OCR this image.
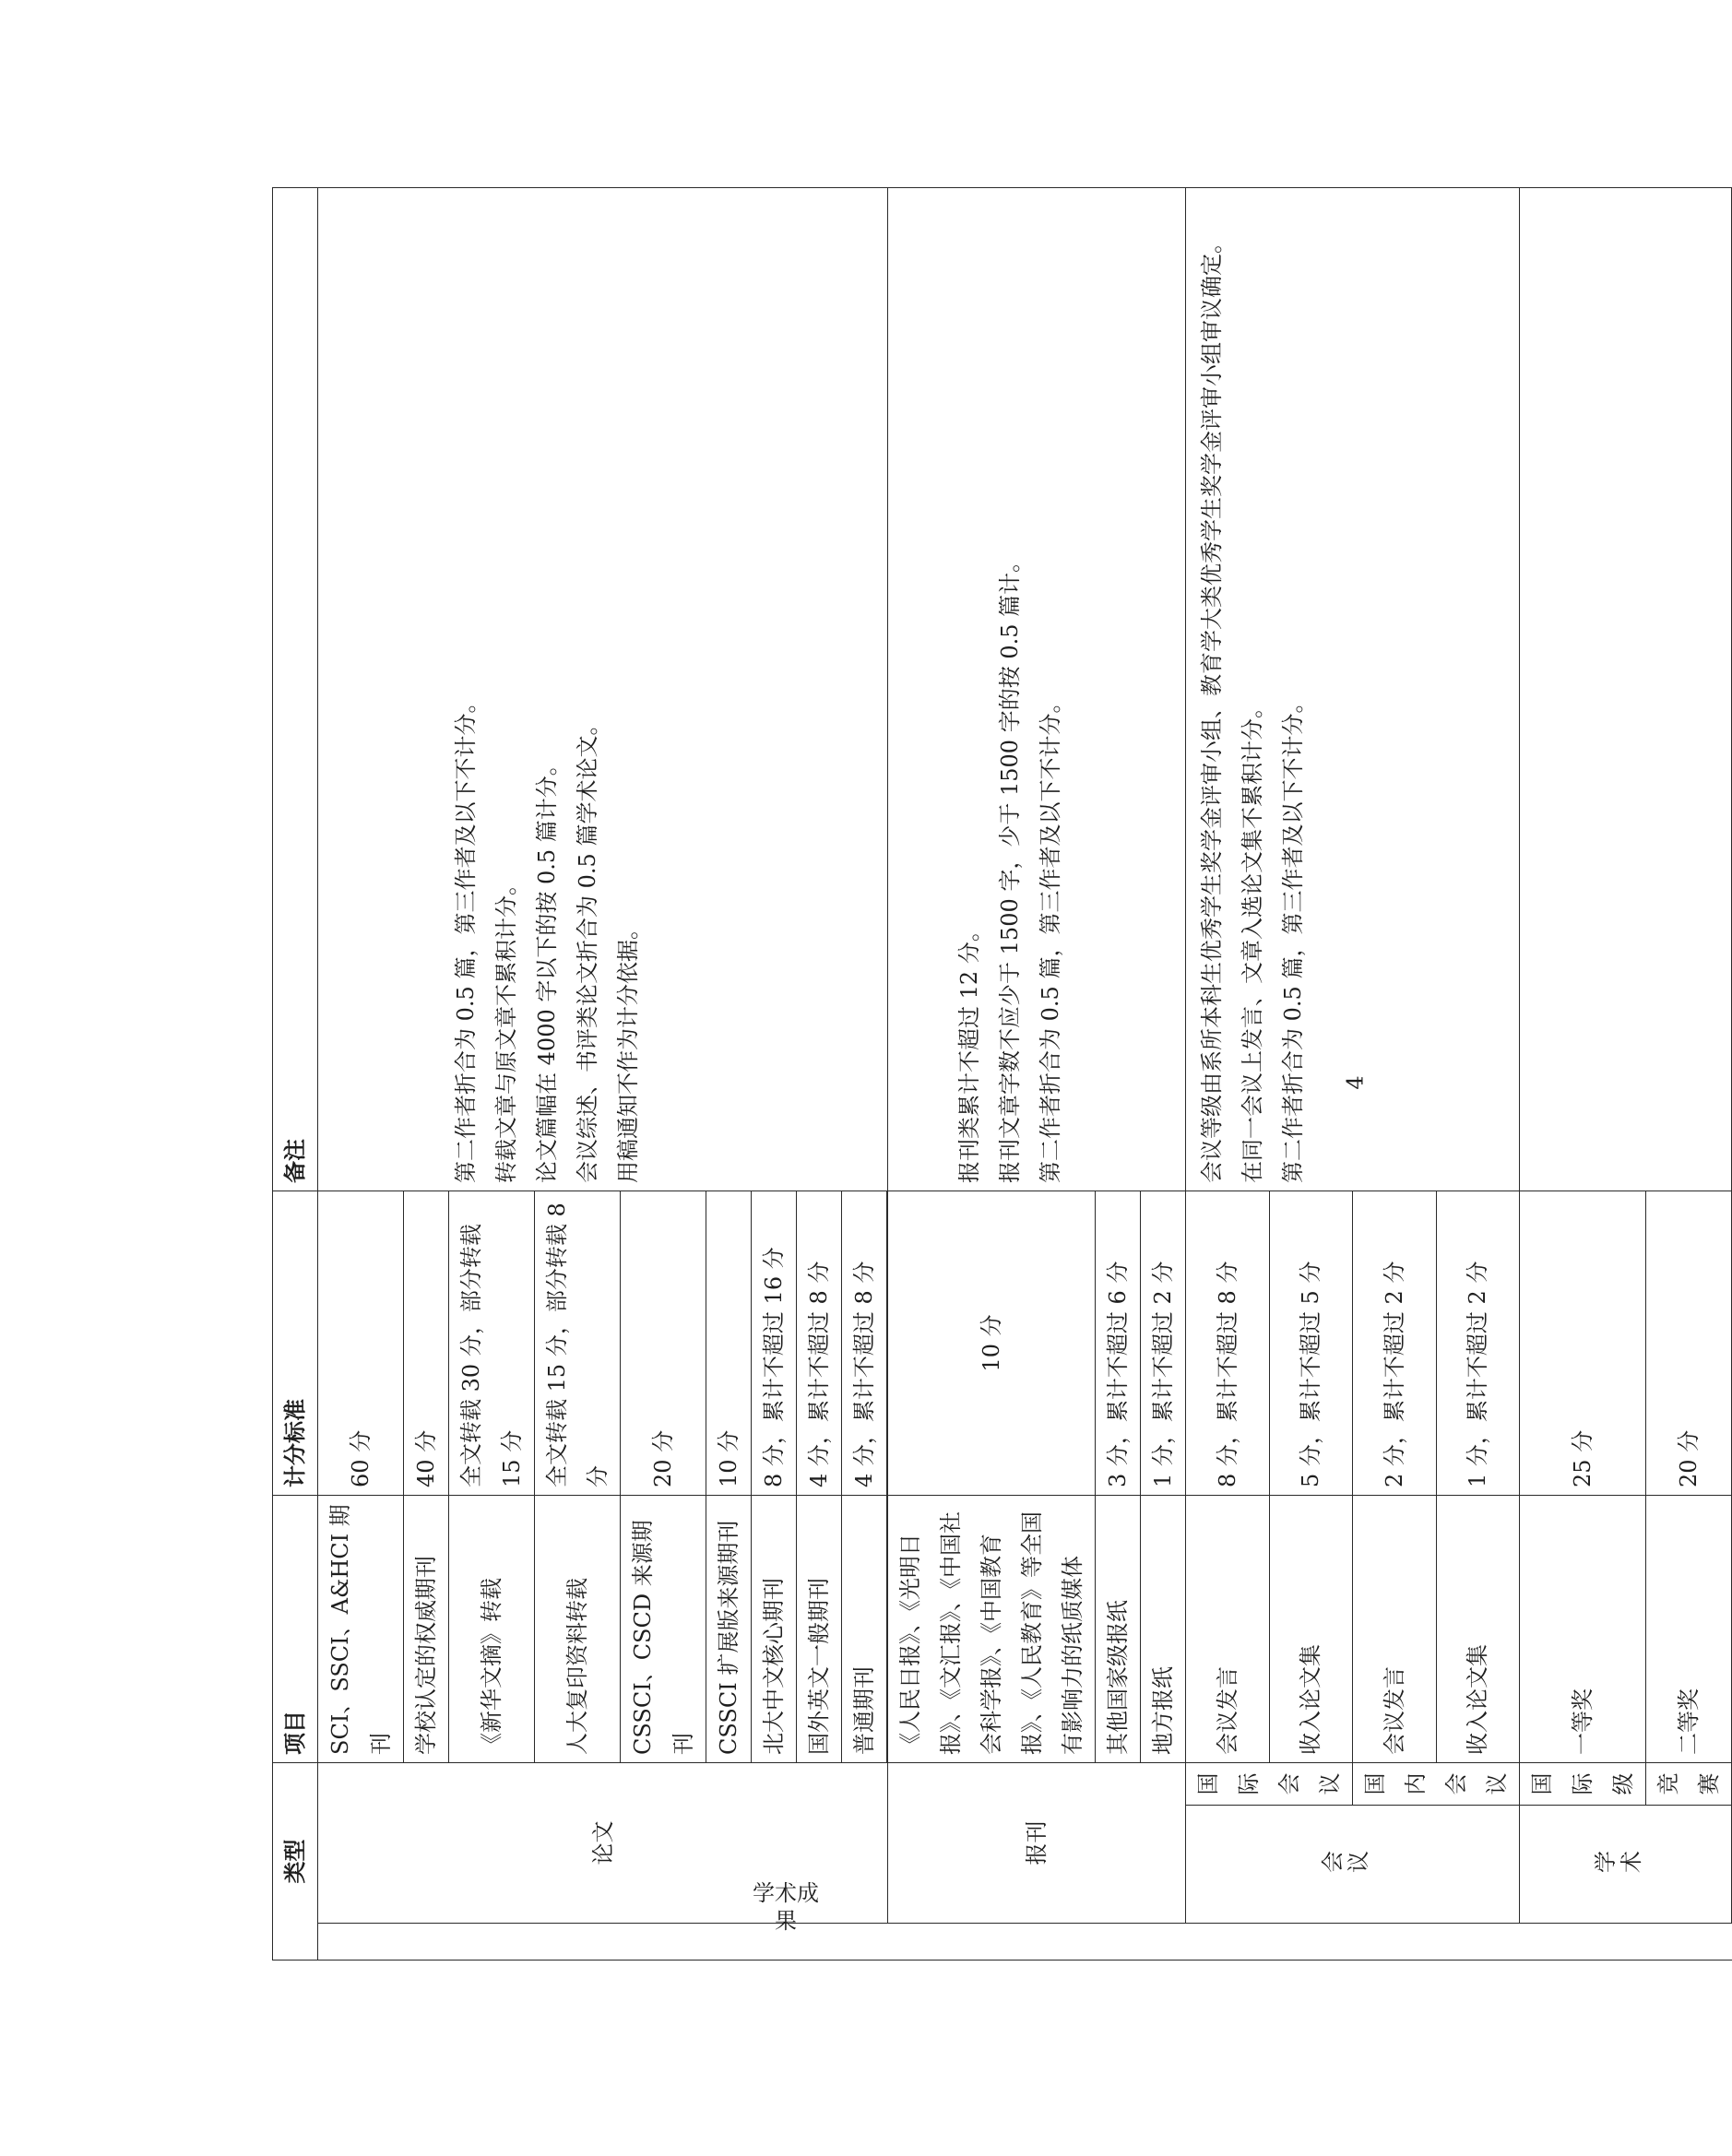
类型			项目	计分标准	备注
	论文		SCI、SSCI、A&HCI 期刊	60 分	第二作者折合为 0.5 篇，第三作者及以下不计分。 转载文章与原文章不累积计分。 论文篇幅在 4000 字以下的按 0.5 篇计分。 会议综述、书评类论文折合为 0.5 篇学术论文。 用稿通知不作为计分依据。

			学校认定的权威期刊	40 分	
			《新华文摘》转载	全文转载 30 分，部分转载 15 分	
			人大复印资料转载	全文转载 15 分，部分转载 8 分	
			CSSCI、CSCD 来源期刊	20 分	
			CSSCI 扩展版来源期刊	10 分	
			北大中文核心期刊	8 分，累计不超过 16 分	
			国外英文一般期刊	4 分，累计不超过 8 分	
			普通期刊	4 分，累计不超过 8 分	

	报刊		《人民日报》、《光明日报》、《文汇报》、《中国社会科学报》、《中国教育报》、《人民教育》等全国有影响力的纸质媒体	10 分	报刊类累计不超过 12 分。 报刊文章字数不应少于 1500 字，少于 1500 字的按 0.5 篇计。 第二作者折合为 0.5 篇，第三作者及以下不计分。

			其他国家级报纸	3 分，累计不超过 6 分	
			地方报纸	1 分，累计不超过 2 分	
	会议	国际会议	会议发言	8 分，累计不超过 8 分	会议等级由系所本科生优秀学生奖学金评审小组、教育学大类优秀学生奖学金评审小组审议确定。 在同一会议上发言、文章入选论文集不累积计分。 第二作者折合为 0.5 篇，第三作者及以下不计分。

			收入论文集	5 分，累计不超过 5 分	
		国内会议	会议发言	2 分，累计不超过 2 分	
			收入论文集	1 分，累计不超过 2 分	
	学术	国际级	一等奖	25 分	
		竞赛	二等奖	20 分	
学术成果
4
